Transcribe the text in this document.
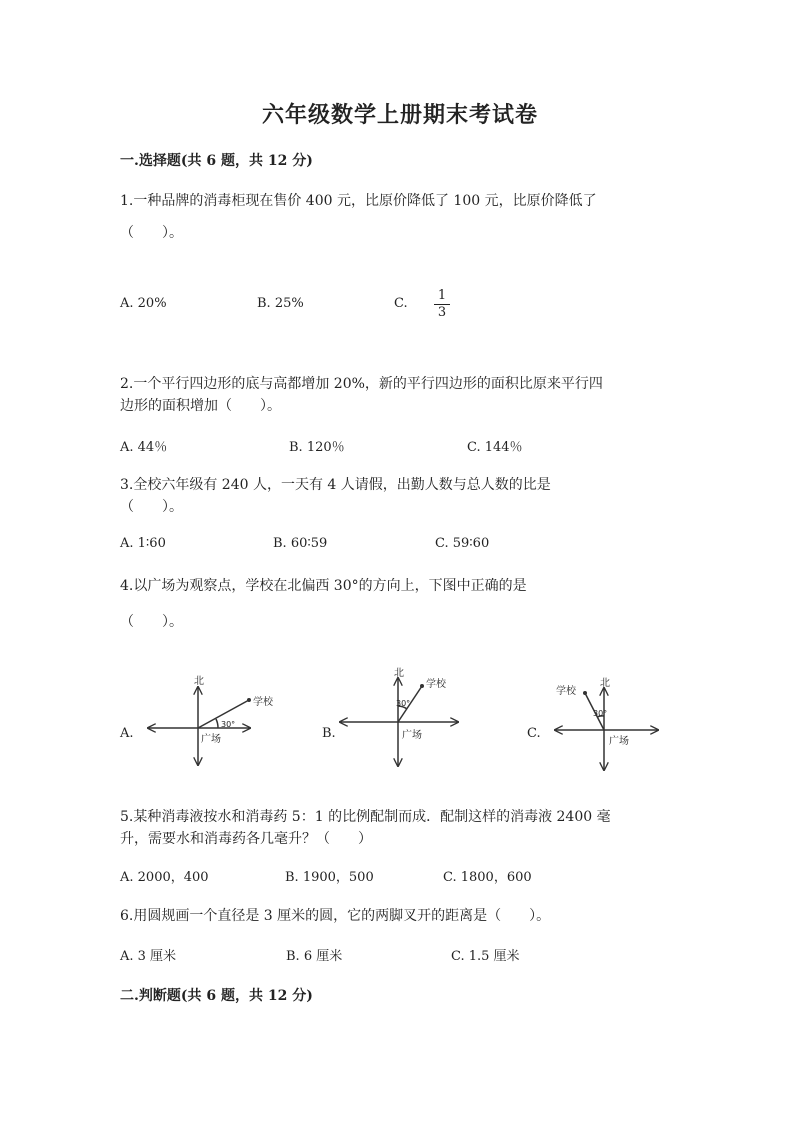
六年级数学上册期末考试卷
一.选择题(共 6 题，共 12 分)
1.一种品牌的消毒柜现在售价 400 元，比原价降低了 100 元，比原价降低了
（　　）。
A. 20%	B. 25%	C.
1
3
2.一个平行四边形的底与高都增加 20%，新的平行四边形的面积比原来平行四
边形的面积增加（　　）。
A. 44％	B. 120％	C. 144％
3.全校六年级有 240 人，一天有 4 人请假，出勤人数与总人数的比是
（　　）。
A. 1∶60	B. 60∶59	C. 59∶60
4.以广场为观察点，学校在北偏西 30°的方向上，下图中正确的是
（　　）。
A.	B.	C.
北
学校
30°
广场
北
学校
30°
广场
北
学校
30°
广场
5.某种消毒液按水和消毒药 5：1 的比例配制而成．配制这样的消毒液 2400 毫
升，需要水和消毒药各几毫升？（　　）
A. 2000，400	B. 1900，500	C. 1800，600
6.用圆规画一个直径是 3 厘米的圆，它的两脚叉开的距离是（　　）。
A. 3 厘米	B. 6 厘米	C. 1.5 厘米
二.判断题(共 6 题，共 12 分)
